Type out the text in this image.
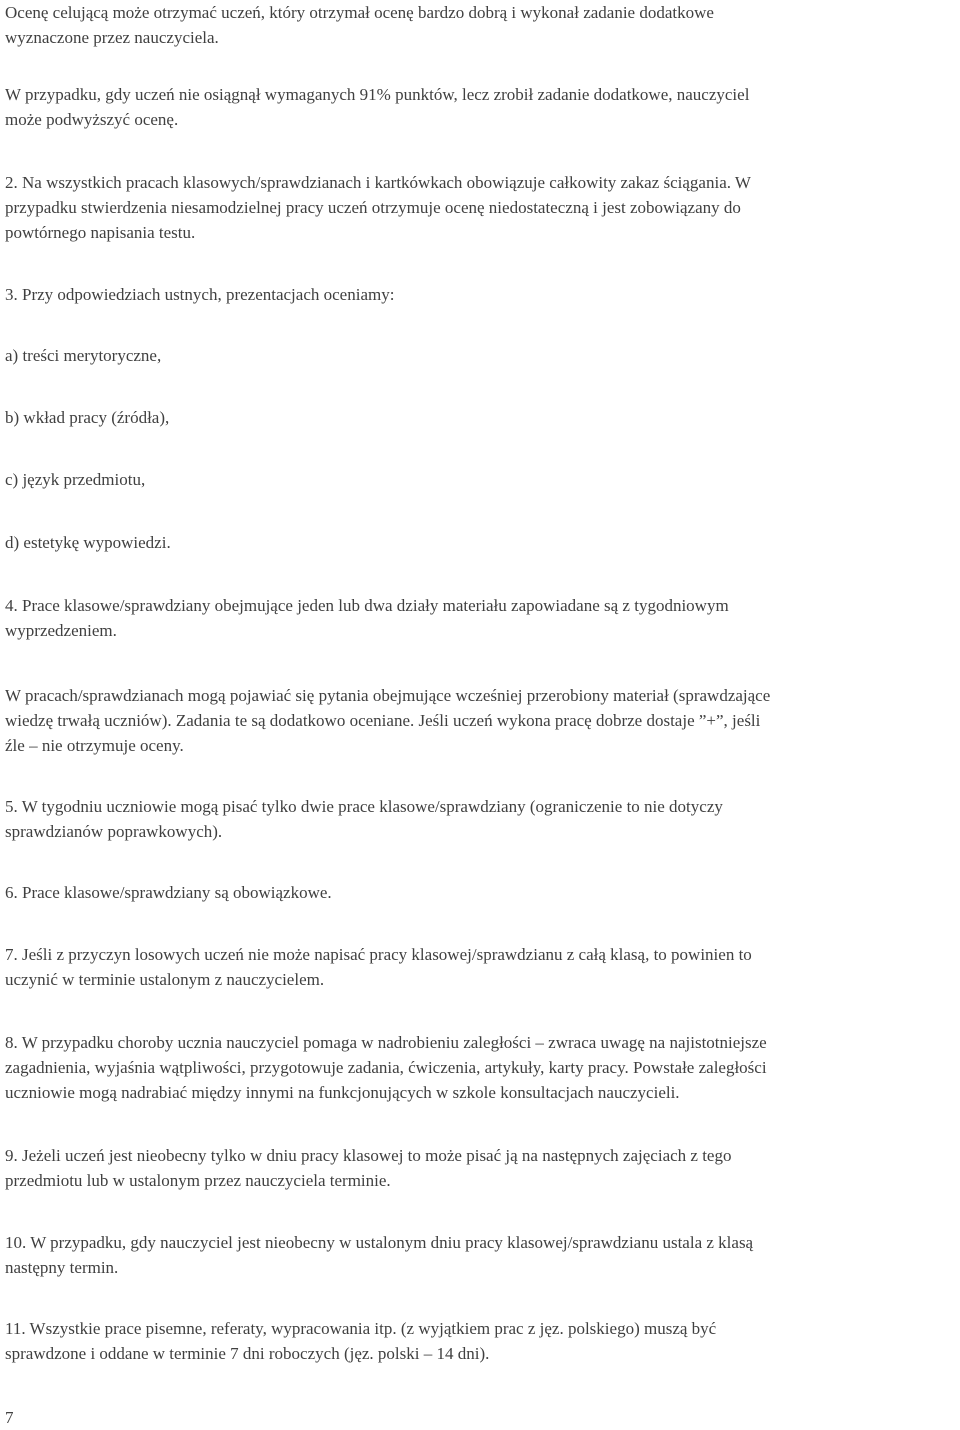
Ocenę celującą może otrzymać uczeń, który otrzymał ocenę bardzo dobrą i wykonał zadanie dodatkowe
wyznaczone przez nauczyciela.
W przypadku, gdy uczeń nie osiągnął wymaganych 91% punktów, lecz zrobił zadanie dodatkowe, nauczyciel
może podwyższyć ocenę.
2. Na wszystkich pracach klasowych/sprawdzianach i kartkówkach obowiązuje całkowity zakaz ściągania. W
przypadku stwierdzenia niesamodzielnej pracy uczeń otrzymuje ocenę niedostateczną i jest zobowiązany do
powtórnego napisania testu.
3. Przy odpowiedziach ustnych, prezentacjach oceniamy:
a) treści merytoryczne,
b) wkład pracy (źródła),
c) język przedmiotu,
d) estetykę wypowiedzi.
4. Prace klasowe/sprawdziany obejmujące jeden lub dwa działy materiału zapowiadane są z tygodniowym
wyprzedzeniem.
W pracach/sprawdzianach mogą pojawiać się pytania obejmujące wcześniej przerobiony materiał (sprawdzające
wiedzę trwałą uczniów). Zadania te są dodatkowo oceniane. Jeśli uczeń wykona pracę dobrze dostaje ”+”, jeśli
źle – nie otrzymuje oceny.
5. W tygodniu uczniowie mogą pisać tylko dwie prace klasowe/sprawdziany (ograniczenie to nie dotyczy
sprawdzianów poprawkowych).
6. Prace klasowe/sprawdziany są obowiązkowe.
7. Jeśli z przyczyn losowych uczeń nie może napisać pracy klasowej/sprawdzianu z całą klasą, to powinien to
uczynić w terminie ustalonym z nauczycielem.
8. W przypadku choroby ucznia nauczyciel pomaga w nadrobieniu zaległości – zwraca uwagę na najistotniejsze
zagadnienia, wyjaśnia wątpliwości, przygotowuje zadania, ćwiczenia, artykuły, karty pracy. Powstałe zaległości
uczniowie mogą nadrabiać między innymi na funkcjonujących w szkole konsultacjach nauczycieli.
9. Jeżeli uczeń jest nieobecny tylko w dniu pracy klasowej to może pisać ją na następnych zajęciach z tego
przedmiotu lub w ustalonym przez nauczyciela terminie.
10. W przypadku, gdy nauczyciel jest nieobecny w ustalonym dniu pracy klasowej/sprawdzianu ustala z klasą
następny termin.
11. Wszystkie prace pisemne, referaty, wypracowania itp. (z wyjątkiem prac z jęz. polskiego) muszą być
sprawdzone i oddane w terminie 7 dni roboczych (jęz. polski – 14 dni).
7
